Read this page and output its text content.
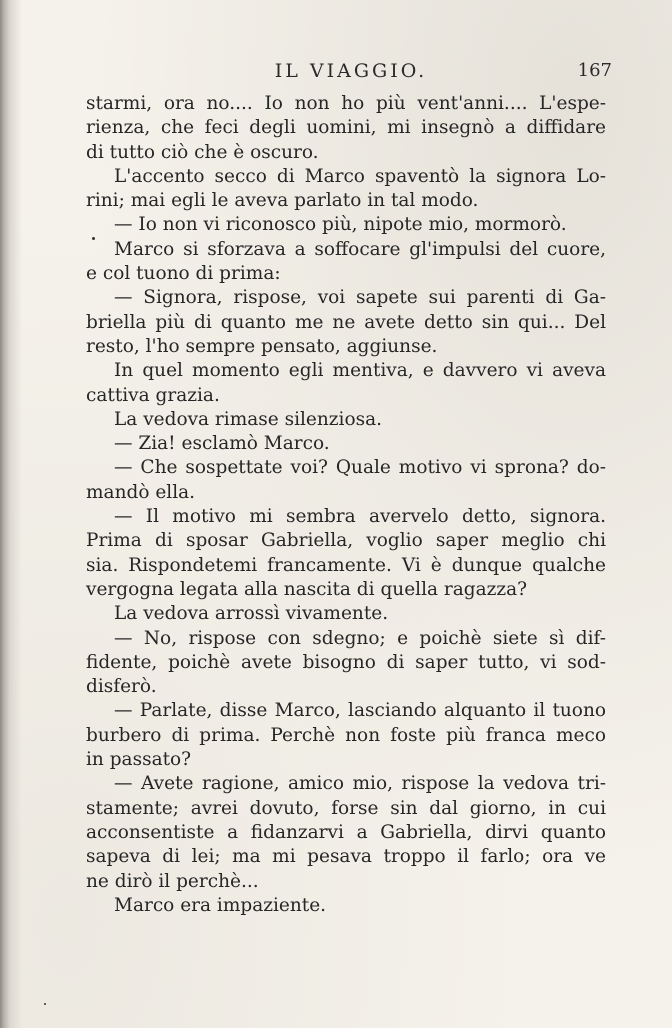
IL VIAGGIO.	167
starmi, ora no.... Io non ho più vent'anni.... L'espe-
rienza, che feci degli uomini, mi insegnò a diffidare
di tutto ciò che è oscuro.
L'accento secco di Marco spaventò la signora Lo-
rini; mai egli le aveva parlato in tal modo.
— Io non vi riconosco più, nipote mio, mormorò.
Marco si sforzava a soffocare gl'impulsi del cuore,
e col tuono di prima:
— Signora, rispose, voi sapete sui parenti di Ga-
briella più di quanto me ne avete detto sin qui... Del
resto, l'ho sempre pensato, aggiunse.
In quel momento egli mentiva, e davvero vi aveva
cattiva grazia.
La vedova rimase silenziosa.
— Zia! esclamò Marco.
— Che sospettate voi? Quale motivo vi sprona? do-
mandò ella.
— Il motivo mi sembra avervelo detto, signora.
Prima di sposar Gabriella, voglio saper meglio chi
sia. Rispondetemi francamente. Vi è dunque qualche
vergogna legata alla nascita di quella ragazza?
La vedova arrossì vivamente.
— No, rispose con sdegno; e poichè siete sì dif-
fidente, poichè avete bisogno di saper tutto, vi sod-
disferò.
— Parlate, disse Marco, lasciando alquanto il tuono
burbero di prima. Perchè non foste più franca meco
in passato?
— Avete ragione, amico mio, rispose la vedova tri-
stamente; avrei dovuto, forse sin dal giorno, in cui
acconsentiste a fidanzarvi a Gabriella, dirvi quanto
sapeva di lei; ma mi pesava troppo il farlo; ora ve
ne dirò il perchè...
Marco era impaziente.
